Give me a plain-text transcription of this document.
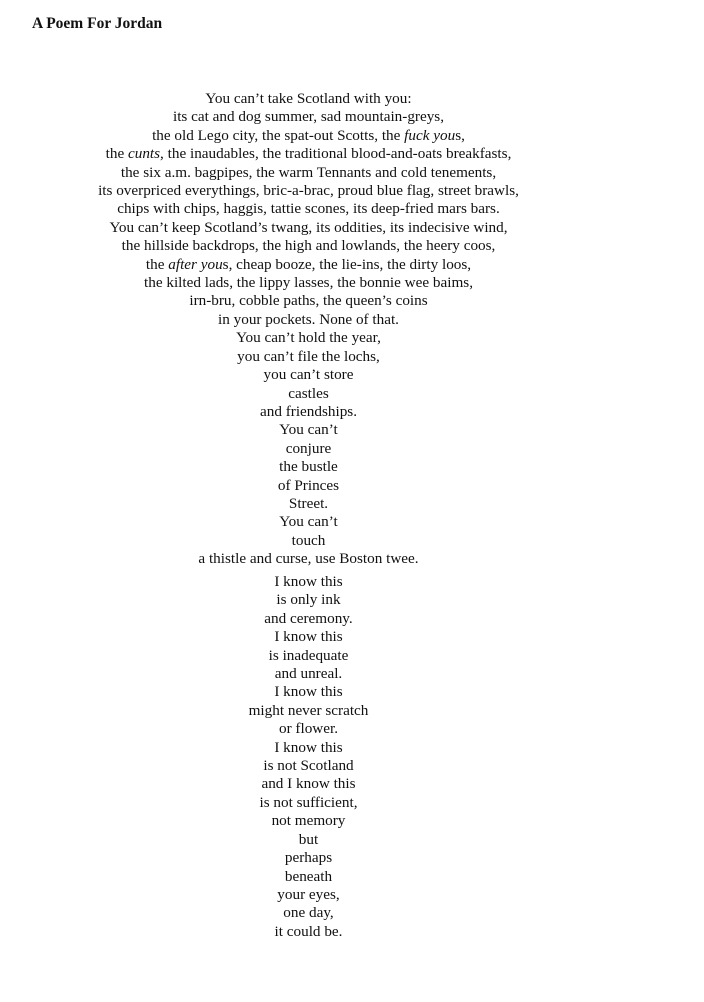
A Poem For Jordan
You can’t take Scotland with you:
its cat and dog summer, sad mountain-greys,
the old Lego city, the spat-out Scotts, the fuck yous,
the cunts, the inaudables, the traditional blood-and-oats breakfasts,
the six a.m. bagpipes, the warm Tennants and cold tenements,
its overpriced everythings, bric-a-brac, proud blue flag, street brawls,
chips with chips, haggis, tattie scones, its deep-fried mars bars.
You can’t keep Scotland’s twang, its oddities, its indecisive wind,
the hillside backdrops, the high and lowlands, the heery coos,
the after yous, cheap booze, the lie-ins, the dirty loos,
the kilted lads, the lippy lasses, the bonnie wee baims,
irn-bru, cobble paths, the queen’s coins
in your pockets. None of that.
You can’t hold the year,
you can’t file the lochs,
you can’t store
castles
and friendships.
You can’t
conjure
the bustle
of Princes
Street.
You can’t
touch
a thistle and curse, use Boston twee.
I know this
is only ink
and ceremony.
I know this
is inadequate
and unreal.
I know this
might never scratch
or flower.
I know this
is not Scotland
and I know this
is not sufficient,
not memory
but
perhaps
beneath
your eyes,
one day,
it could be.
